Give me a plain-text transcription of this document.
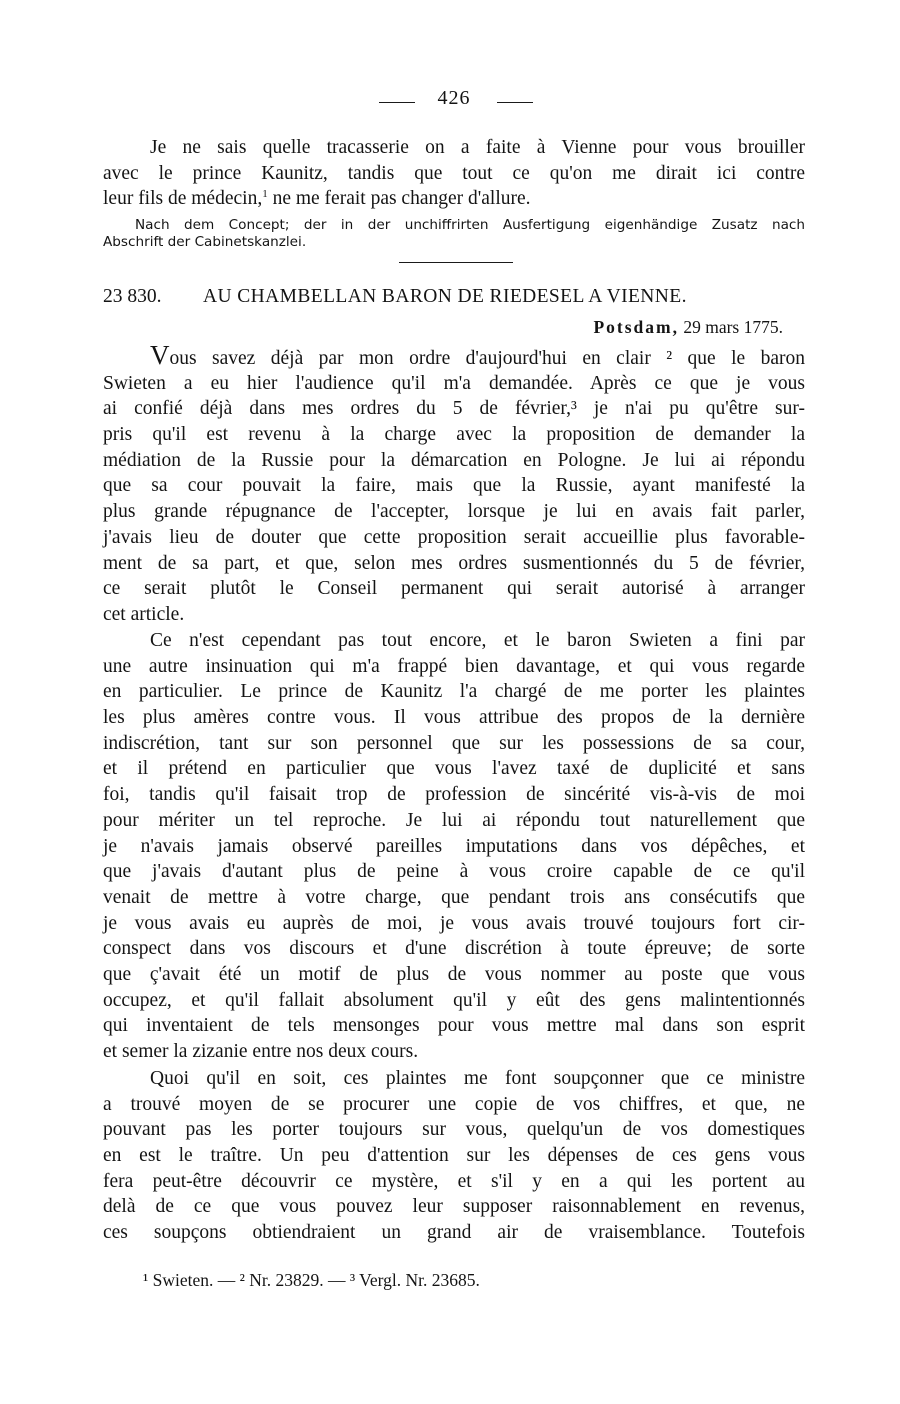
426
Je ne sais quelle tracasserie on a faite à Vienne pour vous brouiller
avec le prince Kaunitz, tandis que tout ce qu'on me dirait ici contre
leur fils de médecin,$^1$ ne me ferait pas changer d'allure.
Nach dem Concept; der in der unchiffrirten Ausfertigung eigenhändige Zusatz nach
Abschrift der Cabinetskanzlei.
23 830. AU CHAMBELLAN BARON DE RIEDESEL A VIENNE.
Potsdam, 29 mars 1775.
Vous savez déjà par mon ordre d'aujourd'hui en clair ² que le baron
Swieten a eu hier l'audience qu'il m'a demandée. Après ce que je vous
ai confié déjà dans mes ordres du 5 de février,³ je n'ai pu qu'être sur-
pris qu'il est revenu à la charge avec la proposition de demander la
médiation de la Russie pour la démarcation en Pologne. Je lui ai répondu
que sa cour pouvait la faire, mais que la Russie, ayant manifesté la
plus grande répugnance de l'accepter, lorsque je lui en avais fait parler,
j'avais lieu de douter que cette proposition serait accueillie plus favorable-
ment de sa part, et que, selon mes ordres susmentionnés du 5 de février,
ce serait plutôt le Conseil permanent qui serait autorisé à arranger
cet article.
Ce n'est cependant pas tout encore, et le baron Swieten a fini par
une autre insinuation qui m'a frappé bien davantage, et qui vous regarde
en particulier. Le prince de Kaunitz l'a chargé de me porter les plaintes
les plus amères contre vous. Il vous attribue des propos de la dernière
indiscrétion, tant sur son personnel que sur les possessions de sa cour,
et il prétend en particulier que vous l'avez taxé de duplicité et sans
foi, tandis qu'il faisait trop de profession de sincérité vis-à-vis de moi
pour mériter un tel reproche. Je lui ai répondu tout naturellement que
je n'avais jamais observé pareilles imputations dans vos dépêches, et
que j'avais d'autant plus de peine à vous croire capable de ce qu'il
venait de mettre à votre charge, que pendant trois ans consécutifs que
je vous avais eu auprès de moi, je vous avais trouvé toujours fort cir-
conspect dans vos discours et d'une discrétion à toute épreuve; de sorte
que ç'avait été un motif de plus de vous nommer au poste que vous
occupez, et qu'il fallait absolument qu'il y eût des gens malintentionnés
qui inventaient de tels mensonges pour vous mettre mal dans son esprit
et semer la zizanie entre nos deux cours.
Quoi qu'il en soit, ces plaintes me font soupçonner que ce ministre
a trouvé moyen de se procurer une copie de vos chiffres, et que, ne
pouvant pas les porter toujours sur vous, quelqu'un de vos domestiques
en est le traître. Un peu d'attention sur les dépenses de ces gens vous
fera peut-être découvrir ce mystère, et s'il y en a qui les portent au
delà de ce que vous pouvez leur supposer raisonnablement en revenus,
ces soupçons obtiendraient un grand air de vraisemblance. Toutefois
¹ Swieten. — ² Nr. 23829. — ³ Vergl. Nr. 23685.
